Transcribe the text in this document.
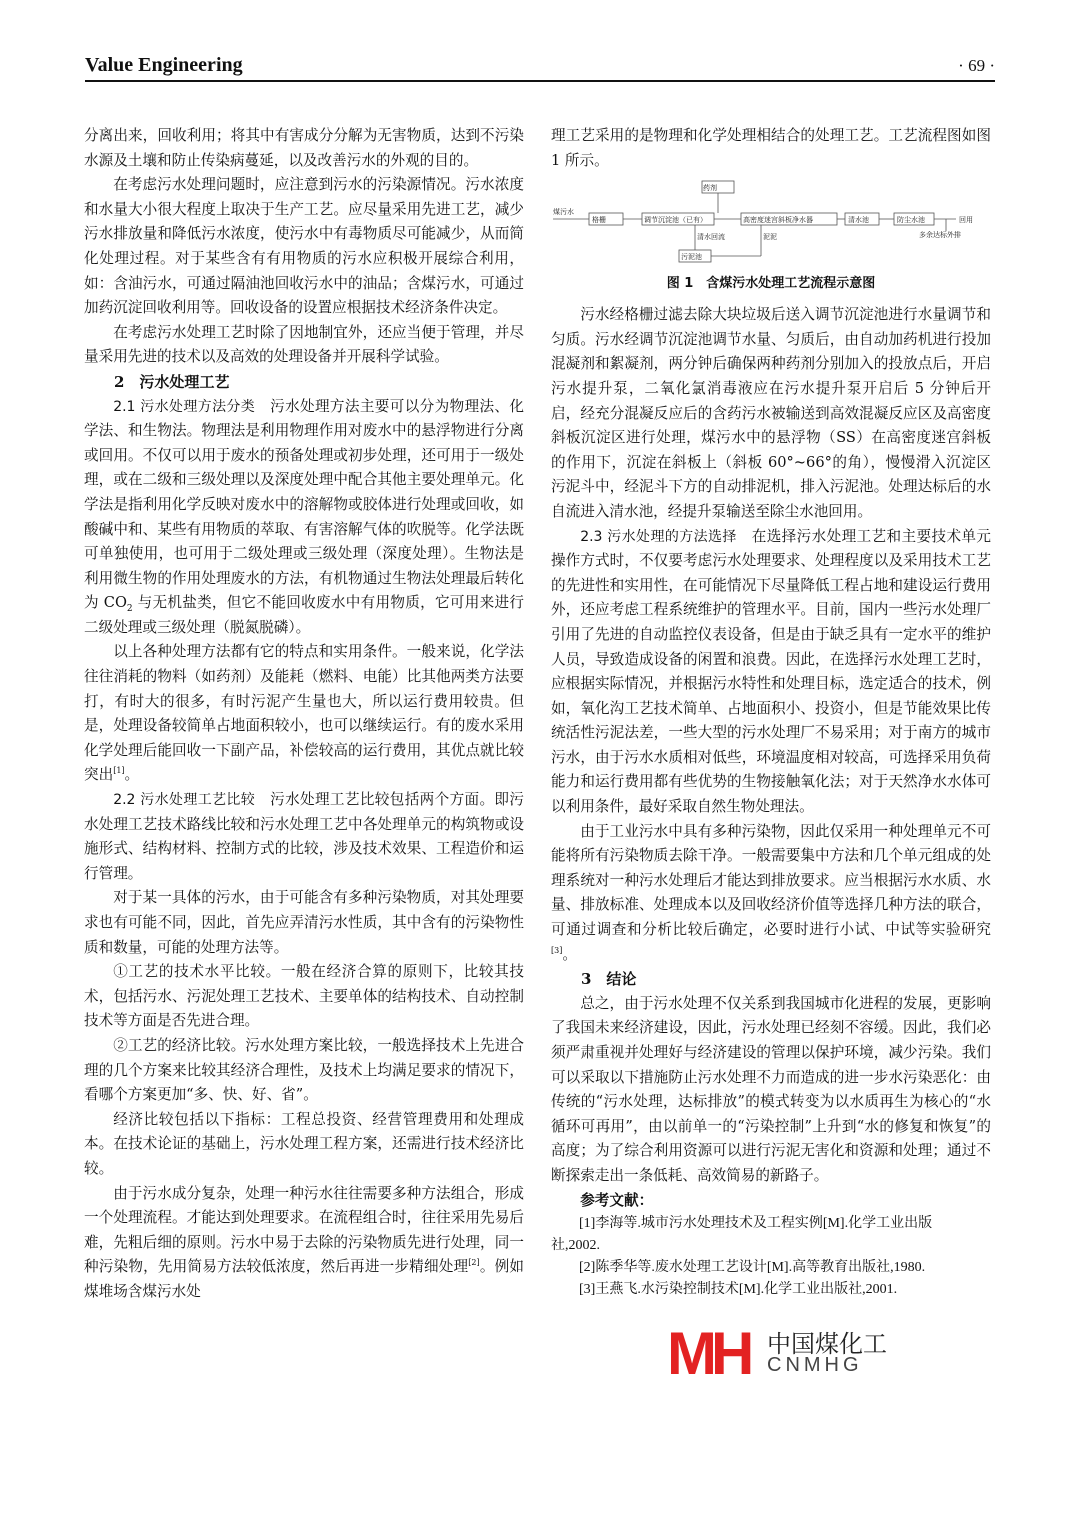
Value Engineering	· 69 ·

分离出来，回收利用；将其中有害成分分解为无害物质，达到不污染水源及土壤和防止传染病蔓延，以及改善污水的外观的目的。

在考虑污水处理问题时，应注意到污水的污染源情况。污水浓度和水量大小很大程度上取决于生产工艺。应尽量采用先进工艺，减少污水排放量和降低污水浓度，使污水中有毒物质尽可能减少，从而简化处理过程。对于某些含有有用物质的污水应积极开展综合利用，如：含油污水，可通过隔油池回收污水中的油品；含煤污水，可通过加药沉淀回收利用等。回收设备的设置应根据技术经济条件决定。

在考虑污水处理工艺时除了因地制宜外，还应当便于管理，并尽量采用先进的技术以及高效的处理设备并开展科学试验。

2　污水处理工艺

2.1 污水处理方法分类　污水处理方法主要可以分为物理法、化学法、和生物法。物理法是利用物理作用对废水中的悬浮物进行分离或回用。不仅可以用于废水的预备处理或初步处理，还可用于一级处理，或在二级和三级处理以及深度处理中配合其他主要处理单元。化学法是指利用化学反映对废水中的溶解物或胶体进行处理或回收，如酸碱中和、某些有用物质的萃取、有害溶解气体的吹脱等。化学法既可单独使用，也可用于二级处理或三级处理（深度处理）。生物法是利用微生物的作用处理废水的方法，有机物通过生物法处理最后转化为 $CO_2$ 与无机盐类，但它不能回收废水中有用物质，它可用来进行二级处理或三级处理（脱氮脱磷）。

以上各种处理方法都有它的特点和实用条件。一般来说，化学法往往消耗的物料（如药剂）及能耗（燃料、电能）比其他两类方法要打，有时大的很多，有时污泥产生量也大，所以运行费用较贵。但是，处理设备较简单占地面积较小，也可以继续运行。有的废水采用化学处理后能回收一下副产品，补偿较高的运行费用，其优点就比较突出[1]。

2.2 污水处理工艺比较　污水处理工艺比较包括两个方面。即污水处理工艺技术路线比较和污水处理工艺中各处理单元的构筑物或设施形式、结构材料、控制方式的比较，涉及技术效果、工程造价和运行管理。

对于某一具体的污水，由于可能含有多种污染物质，对其处理要求也有可能不同，因此，首先应弄清污水性质，其中含有的污染物性质和数量，可能的处理方法等。

①工艺的技术水平比较。一般在经济合算的原则下，比较其技术，包括污水、污泥处理工艺技术、主要单体的结构技术、自动控制技术等方面是否先进合理。

②工艺的经济比较。污水处理方案比较，一般选择技术上先进合理的几个方案来比较其经济合理性，及技术上均满足要求的情况下，看哪个方案更加“多、快、好、省”。

经济比较包括以下指标：工程总投资、经营管理费用和处理成本。在技术论证的基础上，污水处理工程方案，还需进行技术经济比较。

由于污水成分复杂，处理一种污水往往需要多种方法组合，形成一个处理流程。才能达到处理要求。在流程组合时，往往采用先易后难，先粗后细的原则。污水中易于去除的污染物质先进行处理，同一种污染物，先用简易方法较低浓度，然后再进一步精细处理[2]。例如煤堆场含煤污水处

理工艺采用的是物理和化学处理相结合的处理工艺。工艺流程图如图 1 所示。

药剂
煤污水
格栅	调节沉淀池（已有）	高密度迷宫斜板净水器	清水池	防尘水池	回用
清水回流
污泥池
泥泥	多余达标外排
图 1　含煤污水处理工艺流程示意图

污水经格栅过滤去除大块垃圾后送入调节沉淀池进行水量调节和匀质。污水经调节沉淀池调节水量、匀质后，由自动加药机进行投加混凝剂和絮凝剂，两分钟后确保两种药剂分别加入的投放点后，开启污水提升泵，二氧化氯消毒液应在污水提升泵开启后 5 分钟后开启，经充分混凝反应后的含药污水被输送到高效混凝反应区及高密度斜板沉淀区进行处理，煤污水中的悬浮物（SS）在高密度迷宫斜板的作用下，沉淀在斜板上（斜板 60°~66°的角），慢慢滑入沉淀区污泥斗中，经泥斗下方的自动排泥机，排入污泥池。处理达标后的水自流进入清水池，经提升泵输送至除尘水池回用。

2.3 污水处理的方法选择　在选择污水处理工艺和主要技术单元操作方式时，不仅要考虑污水处理要求、处理程度以及采用技术工艺的先进性和实用性，在可能情况下尽量降低工程占地和建设运行费用外，还应考虑工程系统维护的管理水平。目前，国内一些污水处理厂引用了先进的自动监控仪表设备，但是由于缺乏具有一定水平的维护人员，导致造成设备的闲置和浪费。因此，在选择污水处理工艺时，应根据实际情况，并根据污水特性和处理目标，选定适合的技术，例如，氧化沟工艺技术简单、占地面积小、投资小，但是节能效果比传统活性污泥法差，一些大型的污水处理厂不易采用；对于南方的城市污水，由于污水水质相对低些，环境温度相对较高，可选择采用负荷能力和运行费用都有些优势的生物接触氧化法；对于天然净水水体可以利用条件，最好采取自然生物处理法。

由于工业污水中具有多种污染物，因此仅采用一种处理单元不可能将所有污染物质去除干净。一般需要集中方法和几个单元组成的处理系统对一种污水处理后才能达到排放要求。应当根据污水水质、水量、排放标准、处理成本以及回收经济价值等选择几种方法的联合，可通过调查和分析比较后确定，必要时进行小试、中试等实验研究[3]。

3　结论

总之，由于污水处理不仅关系到我国城市化进程的发展，更影响了我国未来经济建设，因此，污水处理已经刻不容缓。因此，我们必须严肃重视并处理好与经济建设的管理以保护环境，减少污染。我们可以采取以下措施防止污水处理不力而造成的进一步水污染恶化：由传统的“污水处理，达标排放”的模式转变为以水质再生为核心的“水循环可再用”，由以前单一的“污染控制”上升到“水的修复和恢复”的高度；为了综合利用资源可以进行污泥无害化和资源和处理；通过不断探索走出一条低耗、高效简易的新路子。

参考文献：
[1]李海等.城市污水处理技术及工程实例[M].化学工业出版
社,2002.
[2]陈季华等.废水处理工艺设计[M].高等教育出版社,1980.
[3]王燕飞.水污染控制技术[M].化学工业出版社,2001.
MH 中国煤化工
CNMHG
